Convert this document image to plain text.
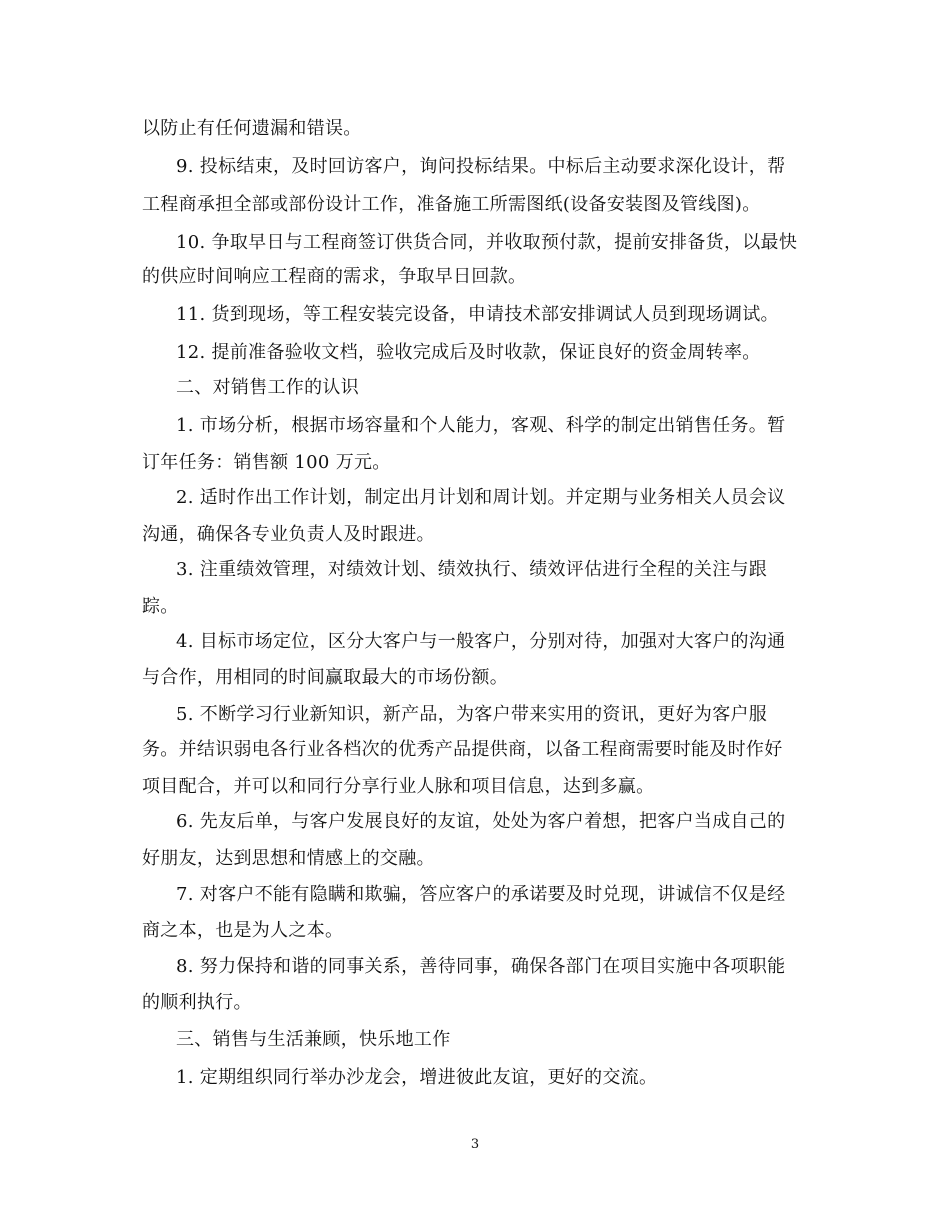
以防止有任何遗漏和错误。
9. 投标结束，及时回访客户，询问投标结果。中标后主动要求深化设计，帮
工程商承担全部或部份设计工作，准备施工所需图纸(设备安装图及管线图)。
10. 争取早日与工程商签订供货合同，并收取预付款，提前安排备货，以最快
的供应时间响应工程商的需求，争取早日回款。
11. 货到现场，等工程安装完设备，申请技术部安排调试人员到现场调试。
12. 提前准备验收文档，验收完成后及时收款，保证良好的资金周转率。
二、对销售工作的认识
1. 市场分析，根据市场容量和个人能力，客观、科学的制定出销售任务。暂
订年任务：销售额 100 万元。
2. 适时作出工作计划，制定出月计划和周计划。并定期与业务相关人员会议
沟通，确保各专业负责人及时跟进。
3. 注重绩效管理，对绩效计划、绩效执行、绩效评估进行全程的关注与跟
踪。
4. 目标市场定位，区分大客户与一般客户，分别对待，加强对大客户的沟通
与合作，用相同的时间赢取最大的市场份额。
5. 不断学习行业新知识，新产品，为客户带来实用的资讯，更好为客户服
务。并结识弱电各行业各档次的优秀产品提供商，以备工程商需要时能及时作好
项目配合，并可以和同行分享行业人脉和项目信息，达到多赢。
6. 先友后单，与客户发展良好的友谊，处处为客户着想，把客户当成自己的
好朋友，达到思想和情感上的交融。
7. 对客户不能有隐瞒和欺骗，答应客户的承诺要及时兑现，讲诚信不仅是经
商之本，也是为人之本。
8. 努力保持和谐的同事关系，善待同事，确保各部门在项目实施中各项职能
的顺利执行。
三、销售与生活兼顾，快乐地工作
1. 定期组织同行举办沙龙会，增进彼此友谊，更好的交流。
3
